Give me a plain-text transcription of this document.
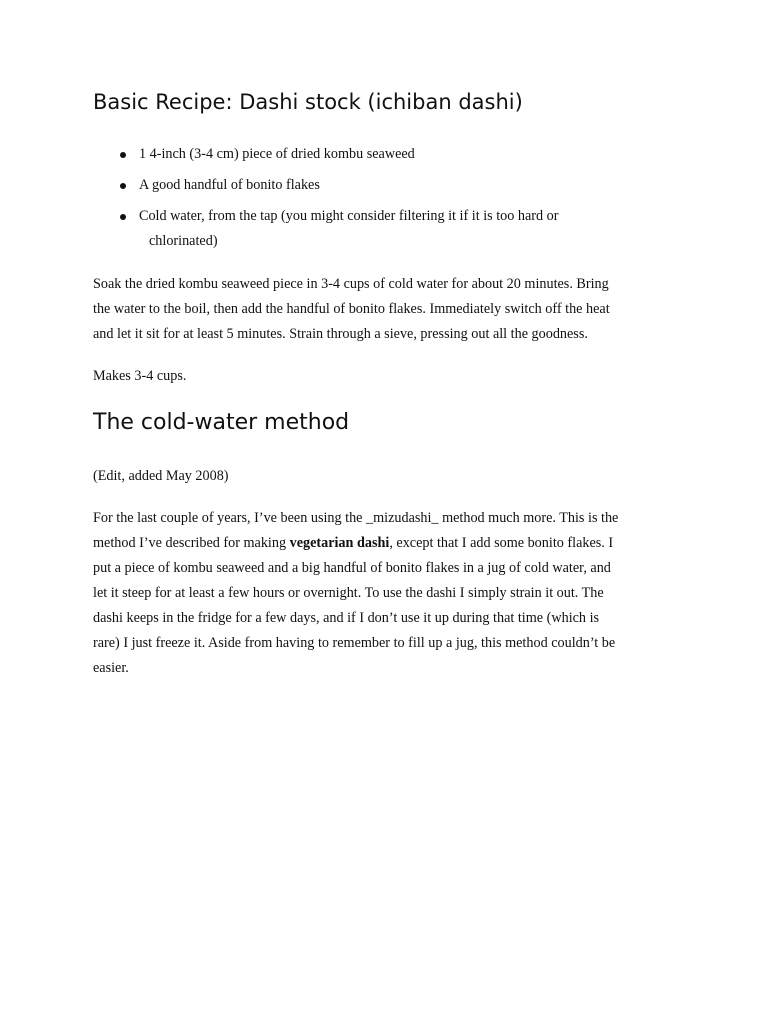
Basic Recipe: Dashi stock (ichiban dashi)
1 4-inch (3-4 cm) piece of dried kombu seaweed
A good handful of bonito flakes
Cold water, from the tap (you might consider filtering it if it is too hard or
chlorinated)

Soak the dried kombu seaweed piece in 3-4 cups of cold water for about 20 minutes. Bring
the water to the boil, then add the handful of bonito flakes. Immediately switch off the heat
and let it sit for at least 5 minutes. Strain through a sieve, pressing out all the goodness.

Makes 3-4 cups.

The cold-water method

(Edit, added May 2008)

For the last couple of years, I’ve been using the _mizudashi_ method much more. This is the
method I’ve described for making vegetarian dashi, except that I add some bonito flakes. I
put a piece of kombu seaweed and a big handful of bonito flakes in a jug of cold water, and
let it steep for at least a few hours or overnight. To use the dashi I simply strain it out. The
dashi keeps in the fridge for a few days, and if I don’t use it up during that time (which is
rare) I just freeze it. Aside from having to remember to fill up a jug, this method couldn’t be
easier.
